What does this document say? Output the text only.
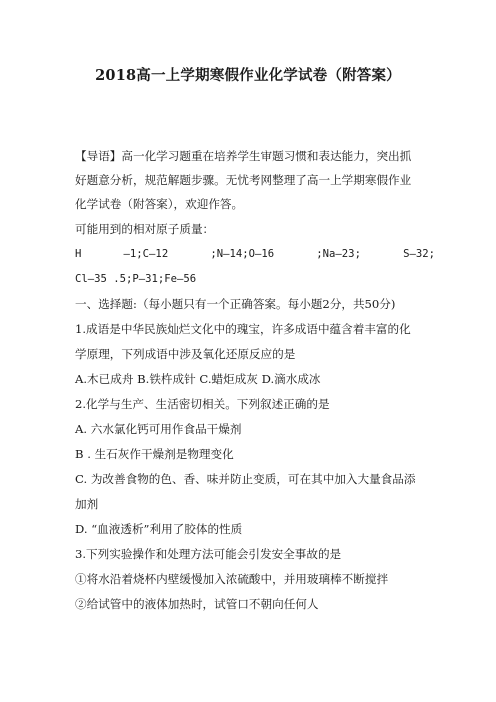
2018高一上学期寒假作业化学试卷（附答案）
【导语】高一化学习题重在培养学生审题习惯和表达能力，突出抓
好题意分析，规范解题步骤。无忧考网整理了高一上学期寒假作业
化学试卷（附答案），欢迎作答。
可能用到的相对原子质量：
H	—1;C—12	;N—14;O—16	;Na—23;	S—32;
Cl—35 .5;P—31;Fe—56
一、选择题:（每小题只有一个正确答案。每小题2分，共50分)
1.成语是中华民族灿烂文化中的瑰宝，许多成语中蕴含着丰富的化
学原理，下列成语中涉及氧化还原反应的是
A.木已成舟 B.铁杵成针 C.蜡炬成灰 D.滴水成冰
2.化学与生产、生活密切相关。下列叙述正确的是
A. 六水氯化钙可用作食品干燥剂
B . 生石灰作干燥剂是物理变化
C. 为改善食物的色、香、味并防止变质，可在其中加入大量食品添
加剂
D. “血液透析”利用了胶体的性质
3.下列实验操作和处理方法可能会引发安全事故的是
①将水沿着烧杯内壁缓慢加入浓硫酸中，并用玻璃棒不断搅拌
②给试管中的液体加热时，试管口不朝向任何人
